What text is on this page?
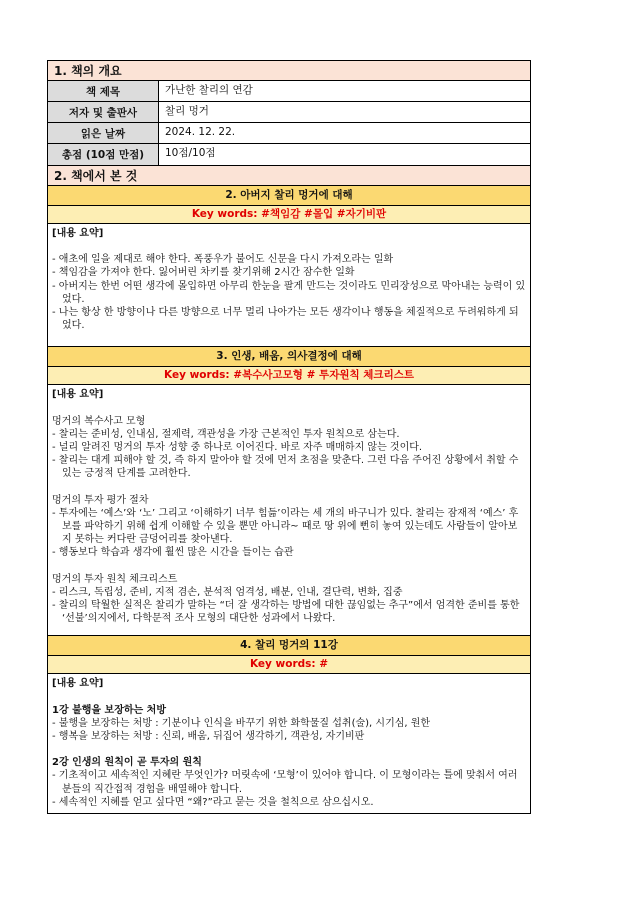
1. 책의 개요
책 제목	가난한 찰리의 연감
저자 및 출판사	찰리 멍거
읽은 날짜	2024. 12. 22.
총점 (10점 만점)	10점/10점
2. 책에서 본 것
2. 아버지 찰리 멍거에 대해
Key words: #책임감 #몰입 #자기비판

[내용 요약]

- 애초에 일을 제대로 해야 한다. 폭풍우가 불어도 신문을 다시 가져오라는 일화

- 책임감을 가져야 한다. 잃어버린 차키를 찾기위해 2시간 잠수한 일화

- 아버지는 한번 어떤 생각에 몰입하면 아무리 한눈을 팔게 만드는 것이라도 민리장성으로 막아내는 능력이 있었다.

- 나는 항상 한 방향이나 다른 방향으로 너무 멀리 나아가는 모든 생각이나 행동을 체질적으로 두려워하게 되었다.

3. 인생, 배움, 의사결정에 대해
Key words: #복수사고모형 # 투자원칙 체크리스트

[내용 요약]

멍거의 복수사고 모형

- 찰리는 준비성, 인내심, 절제력, 객관성을 가장 근본적인 투자 원칙으로 삼는다.

- 널리 알려진 멍거의 투자 성향 중 하나로 이어진다. 바로 자주 매매하지 않는 것이다.

- 찰리는 대게 피해야 할 것, 즉 하지 말아야 할 것에 먼저 초점을 맞춘다. 그런 다음 주어진 상황에서 취할 수 있는 긍정적 단계를 고려한다.

멍거의 투자 평가 절차

- 투자에는 ‘예스’와 ‘노’ 그리고 ‘이해하기 너무 힘듦’이라는 세 개의 바구니가 있다. 찰리는 잠재적 ‘예스’ 후보를 파악하기 위해 쉽게 이해할 수 있을 뿐만 아니라~ 때로 땅 위에 뻔히 놓여 있는데도 사람들이 알아보지 못하는 커다란 금덩어리를 찾아낸다.

- 행동보다 학습과 생각에 훨씬 많은 시간을 들이는 습관

멍거의 투자 원칙 체크리스트

- 리스크, 독립성, 준비, 지적 겸손, 분석적 엄격성, 배분, 인내, 결단력, 변화, 집중

- 찰리의 탁월한 실적은 찰리가 말하는 “더 잘 생각하는 방법에 대한 끊임없는 추구”에서 엄격한 준비를 통한 ‘선불’의지에서, 다학문적 조사 모형의 대단한 성과에서 나왔다.

4. 찰리 멍거의 11강
Key words: #

[내용 요약]

1강 불행을 보장하는 처방

- 불행을 보장하는 처방 : 기분이나 인식을 바꾸기 위한 화학물질 섭취(술), 시기심, 원한

- 행복을 보장하는 처방 : 신뢰, 배움, 뒤집어 생각하기, 객관성, 자기비판

2강 인생의 원칙이 곧 투자의 원칙

- 기초적이고 세속적인 지혜란 무엇인가? 머릿속에 ‘모형’이 있어야 합니다. 이 모형이라는 틀에 맞춰서 여러분들의 직간접적 경험을 배열해야 합니다.

- 세속적인 지혜를 얻고 싶다면 “왜?”라고 묻는 것을 철칙으로 삼으십시오.
